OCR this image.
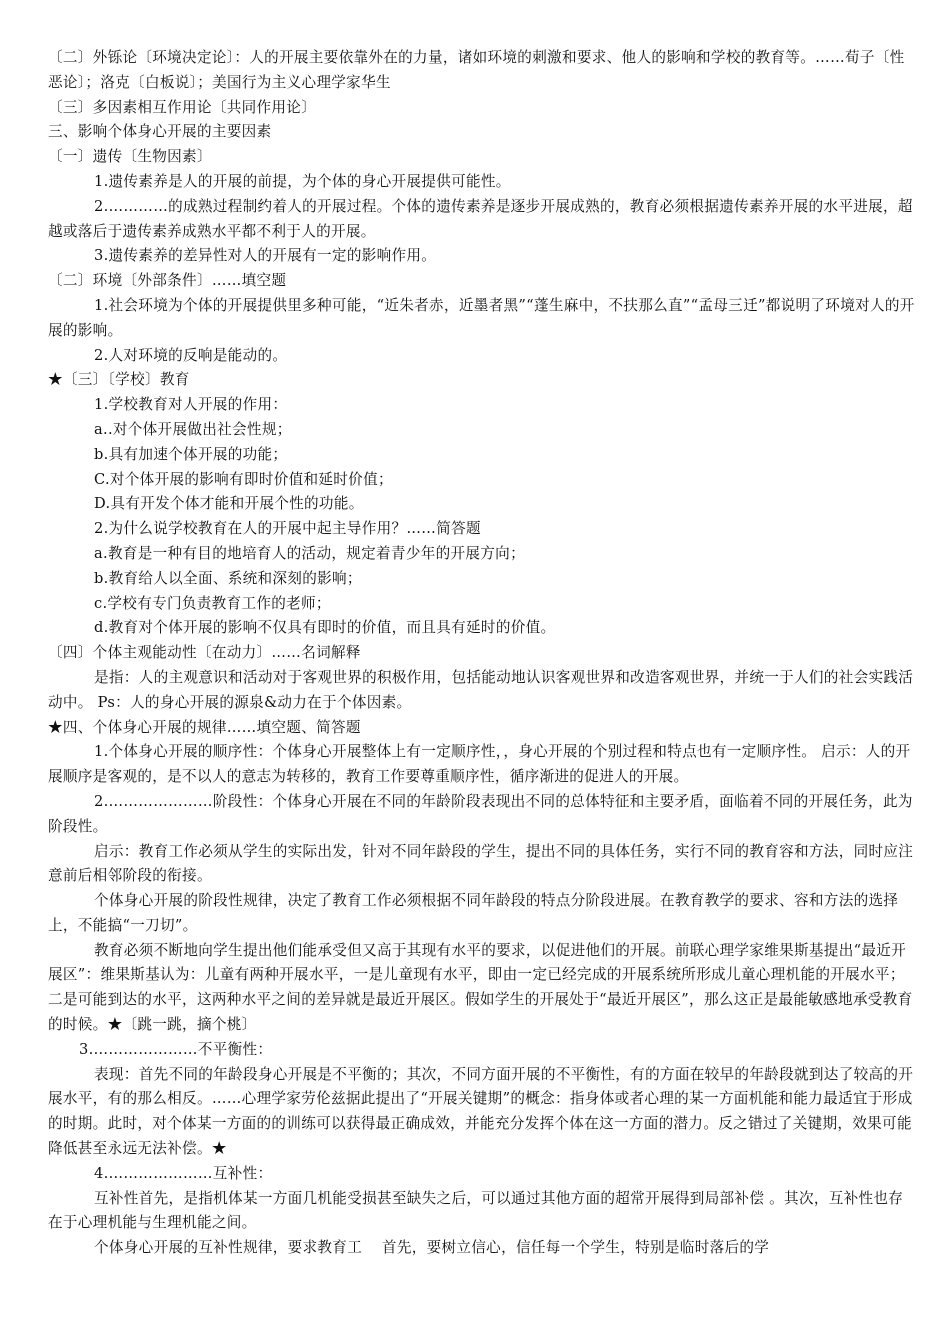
〔二〕外铄论〔环境决定论〕：人的开展主要依靠外在的力量，诸如环境的刺激和要求、他人的影响和学校的教育等。……荀子〔性恶论〕；洛克〔白板说〕；美国行为主义心理学家华生

〔三〕多因素相互作用论〔共同作用论〕

三、影响个体身心开展的主要因素

〔一〕遗传〔生物因素〕

1.遗传素养是人的开展的前提，为个体的身心开展提供可能性。

2.…………的成熟过程制约着人的开展过程。个体的遗传素养是逐步开展成熟的，教育必须根据遗传素养开展的水平进展，超越或落后于遗传素养成熟水平都不利于人的开展。

3.遗传素养的差异性对人的开展有一定的影响作用。

〔二〕环境〔外部条件〕……填空题

1.社会环境为个体的开展提供里多种可能，“近朱者赤，近墨者黑”“蓬生麻中，不扶那么直”“孟母三迁”都说明了环境对人的开展的影响。

2.人对环境的反响是能动的。

★〔三〕〔学校〕教育

1.学校教育对人开展的作用：

a..对个体开展做出社会性规；

b.具有加速个体开展的功能；

C.对个体开展的影响有即时价值和延时价值；

D.具有开发个体才能和开展个性的功能。

2.为什么说学校教育在人的开展中起主导作用？……简答题

a.教育是一种有目的地培育人的活动，规定着青少年的开展方向；

b.教育给人以全面、系统和深刻的影响；

c.学校有专门负责教育工作的老师；

d.教育对个体开展的影响不仅具有即时的价值，而且具有延时的价值。

〔四〕个体主观能动性〔在动力〕……名词解释

是指：人的主观意识和活动对于客观世界的积极作用，包括能动地认识客观世界和改造客观世界，并统一于人们的社会实践活动中。 Ps：人的身心开展的源泉&动力在于个体因素。

★四、个体身心开展的规律……填空题、简答题

1.个体身心开展的顺序性：个体身心开展整体上有一定顺序性，，身心开展的个别过程和特点也有一定顺序性。 启示：人的开展顺序是客观的，是不以人的意志为转移的，教育工作要尊重顺序性，循序渐进的促进人的开展。

2.…………………阶段性：个体身心开展在不同的年龄阶段表现出不同的总体特征和主要矛盾，面临着不同的开展任务，此为阶段性。

启示：教育工作必须从学生的实际出发，针对不同年龄段的学生，提出不同的具体任务，实行不同的教育容和方法，同时应注意前后相邻阶段的衔接。

个体身心开展的阶段性规律，决定了教育工作必须根据不同年龄段的特点分阶段进展。在教育教学的要求、容和方法的选择上，不能搞“一刀切”。

教育必须不断地向学生提出他们能承受但又高于其现有水平的要求，以促进他们的开展。前联心理学家维果斯基提出“最近开展区”：维果斯基认为：儿童有两种开展水平，一是儿童现有水平，即由一定已经完成的开展系统所形成儿童心理机能的开展水平；二是可能到达的水平，这两种水平之间的差异就是最近开展区。假如学生的开展处于“最近开展区”，那么这正是最能敏感地承受教育的时候。★〔跳一跳，摘个桃〕

3.…………………不平衡性：

表现：首先不同的年龄段身心开展是不平衡的；其次，不同方面开展的不平衡性，有的方面在较早的年龄段就到达了较高的开展水平，有的那么相反。……心理学家劳伦兹据此提出了“开展关键期”的概念：指身体或者心理的某一方面机能和能力最适宜于形成的时期。此时，对个体某一方面的的训练可以获得最正确成效，并能充分发挥个体在这一方面的潜力。反之错过了关键期，效果可能降低甚至永远无法补偿。★

4.…………………互补性：

互补性首先，是指机体某一方面几机能受损甚至缺失之后，可以通过其他方面的超常开展得到局部补偿 。其次，互补性也存在于心理机能与生理机能之间。

个体身心开展的互补性规律，要求教育工　 首先，要树立信心，信任每一个学生，特别是临时落后的学
